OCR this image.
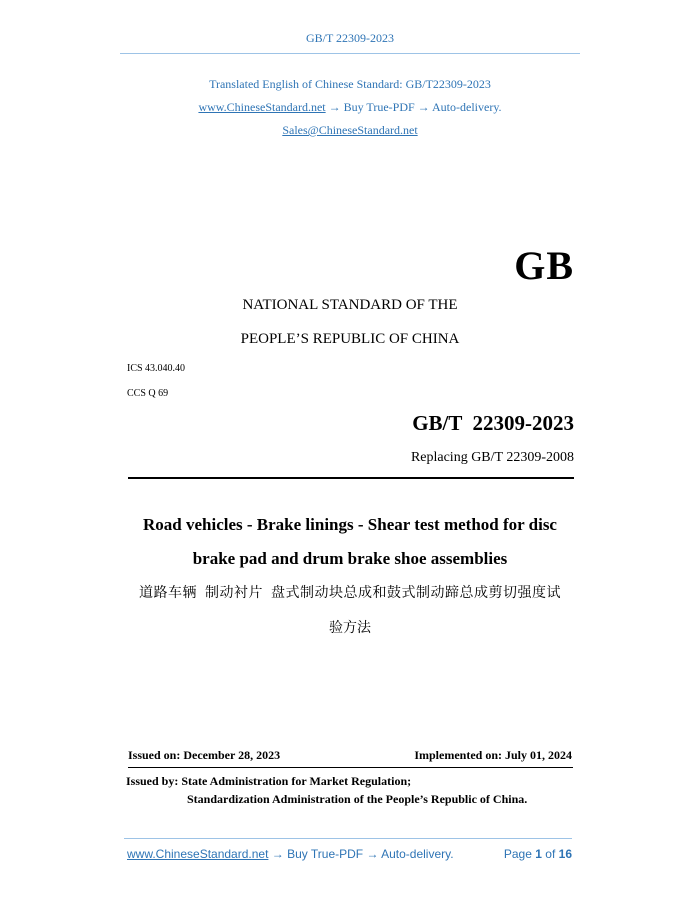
GB/T 22309-2023
Translated English of Chinese Standard: GB/T22309-2023
www.ChineseStandard.net → Buy True-PDF → Auto-delivery.
Sales@ChineseStandard.net
GB
NATIONAL STANDARD OF THE
PEOPLE’S REPUBLIC OF CHINA
ICS 43.040.40
CCS Q 69
GB/T  22309-2023
Replacing GB/T 22309-2008
Road vehicles - Brake linings - Shear test method for disc
brake pad and drum brake shoe assemblies
道路车辆  制动衬片  盘式制动块总成和鼓式制动蹄总成剪切强度试
验方法
Issued on: December 28, 2023	Implemented on: July 01, 2024
Issued by: State Administration for Market Regulation;
Standardization Administration of the People’s Republic of China.
www.ChineseStandard.net → Buy True-PDF → Auto-delivery.	Page 1 of 16
